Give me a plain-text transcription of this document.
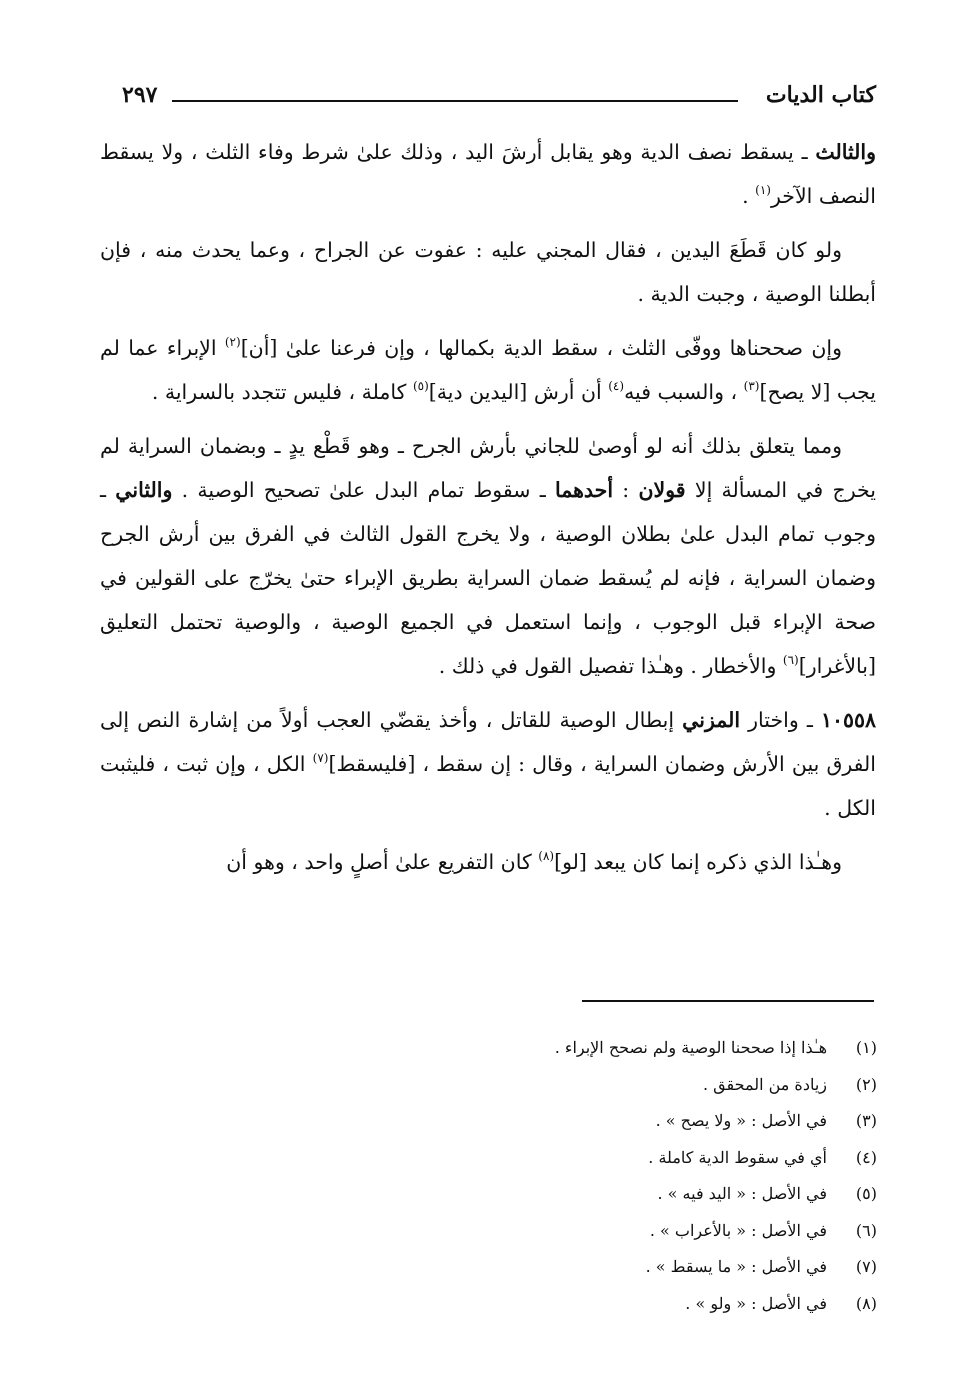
كتاب الديات
٢٩٧

والثالث ـ يسقط نصف الدية وهو يقابل أرشَ اليد ، وذلك علىٰ شرط وفاء الثلث ، ولا يسقط النصف الآخر$^{(١)}$ .

ولو كان قَطَعَ اليدين ، فقال المجني عليه : عفوت عن الجراح ، وعما يحدث منه ، فإن أبطلنا الوصية ، وجبت الدية .

وإن صححناها ووفّى الثلث ، سقط الدية بكمالها ، وإن فرعنا علىٰ [أن]$^{(٢)}$ الإبراء عما لم يجب [لا يصح]$^{(٣)}$ ، والسبب فيه$^{(٤)}$ أن أرش [اليدين دية]$^{(٥)}$ كاملة ، فليس تتجدد بالسراية .

ومما يتعلق بذلك أنه لو أوصىٰ للجاني بأرش الجرح ـ وهو قَطْع يدٍ ـ وبضمان السراية لم يخرج في المسألة إلا قولان : أحدهما ـ سقوط تمام البدل علىٰ تصحيح الوصية . والثاني ـ وجوب تمام البدل علىٰ بطلان الوصية ، ولا يخرج القول الثالث في الفرق بين أرش الجرح وضمان السراية ، فإنه لم يُسقط ضمان السراية بطريق الإبراء حتىٰ يخرّج على القولين في صحة الإبراء قبل الوجوب ، وإنما استعمل في الجميع الوصية ، والوصية تحتمل التعليق [بالأغرار]$^{(٦)}$ والأخطار . وهـٰذا تفصيل القول في ذلك .

١٠٥٥٨ ـ واختار المزني إبطال الوصية للقاتل ، وأخذ يقضّي العجب أولاً من إشارة النص إلى الفرق بين الأرش وضمان السراية ، وقال : إن سقط ، [فليسقط]$^{(٧)}$ الكل ، وإن ثبت ، فليثبت الكل .

وهـٰذا الذي ذكره إنما كان يبعد [لو]$^{(٨)}$ كان التفريع علىٰ أصلٍ واحد ، وهو أن

(١)
هـٰذا إذا صححنا الوصية ولم نصحح الإبراء .
(٢)
زيادة من المحقق .
(٣)
في الأصل : « ولا يصح » .
(٤)
أي في سقوط الدية كاملة .
(٥)
في الأصل : « اليد فيه » .
(٦)
في الأصل : « بالأعراب » .
(٧)
في الأصل : « ما يسقط » .
(٨)
في الأصل : « ولو » .
